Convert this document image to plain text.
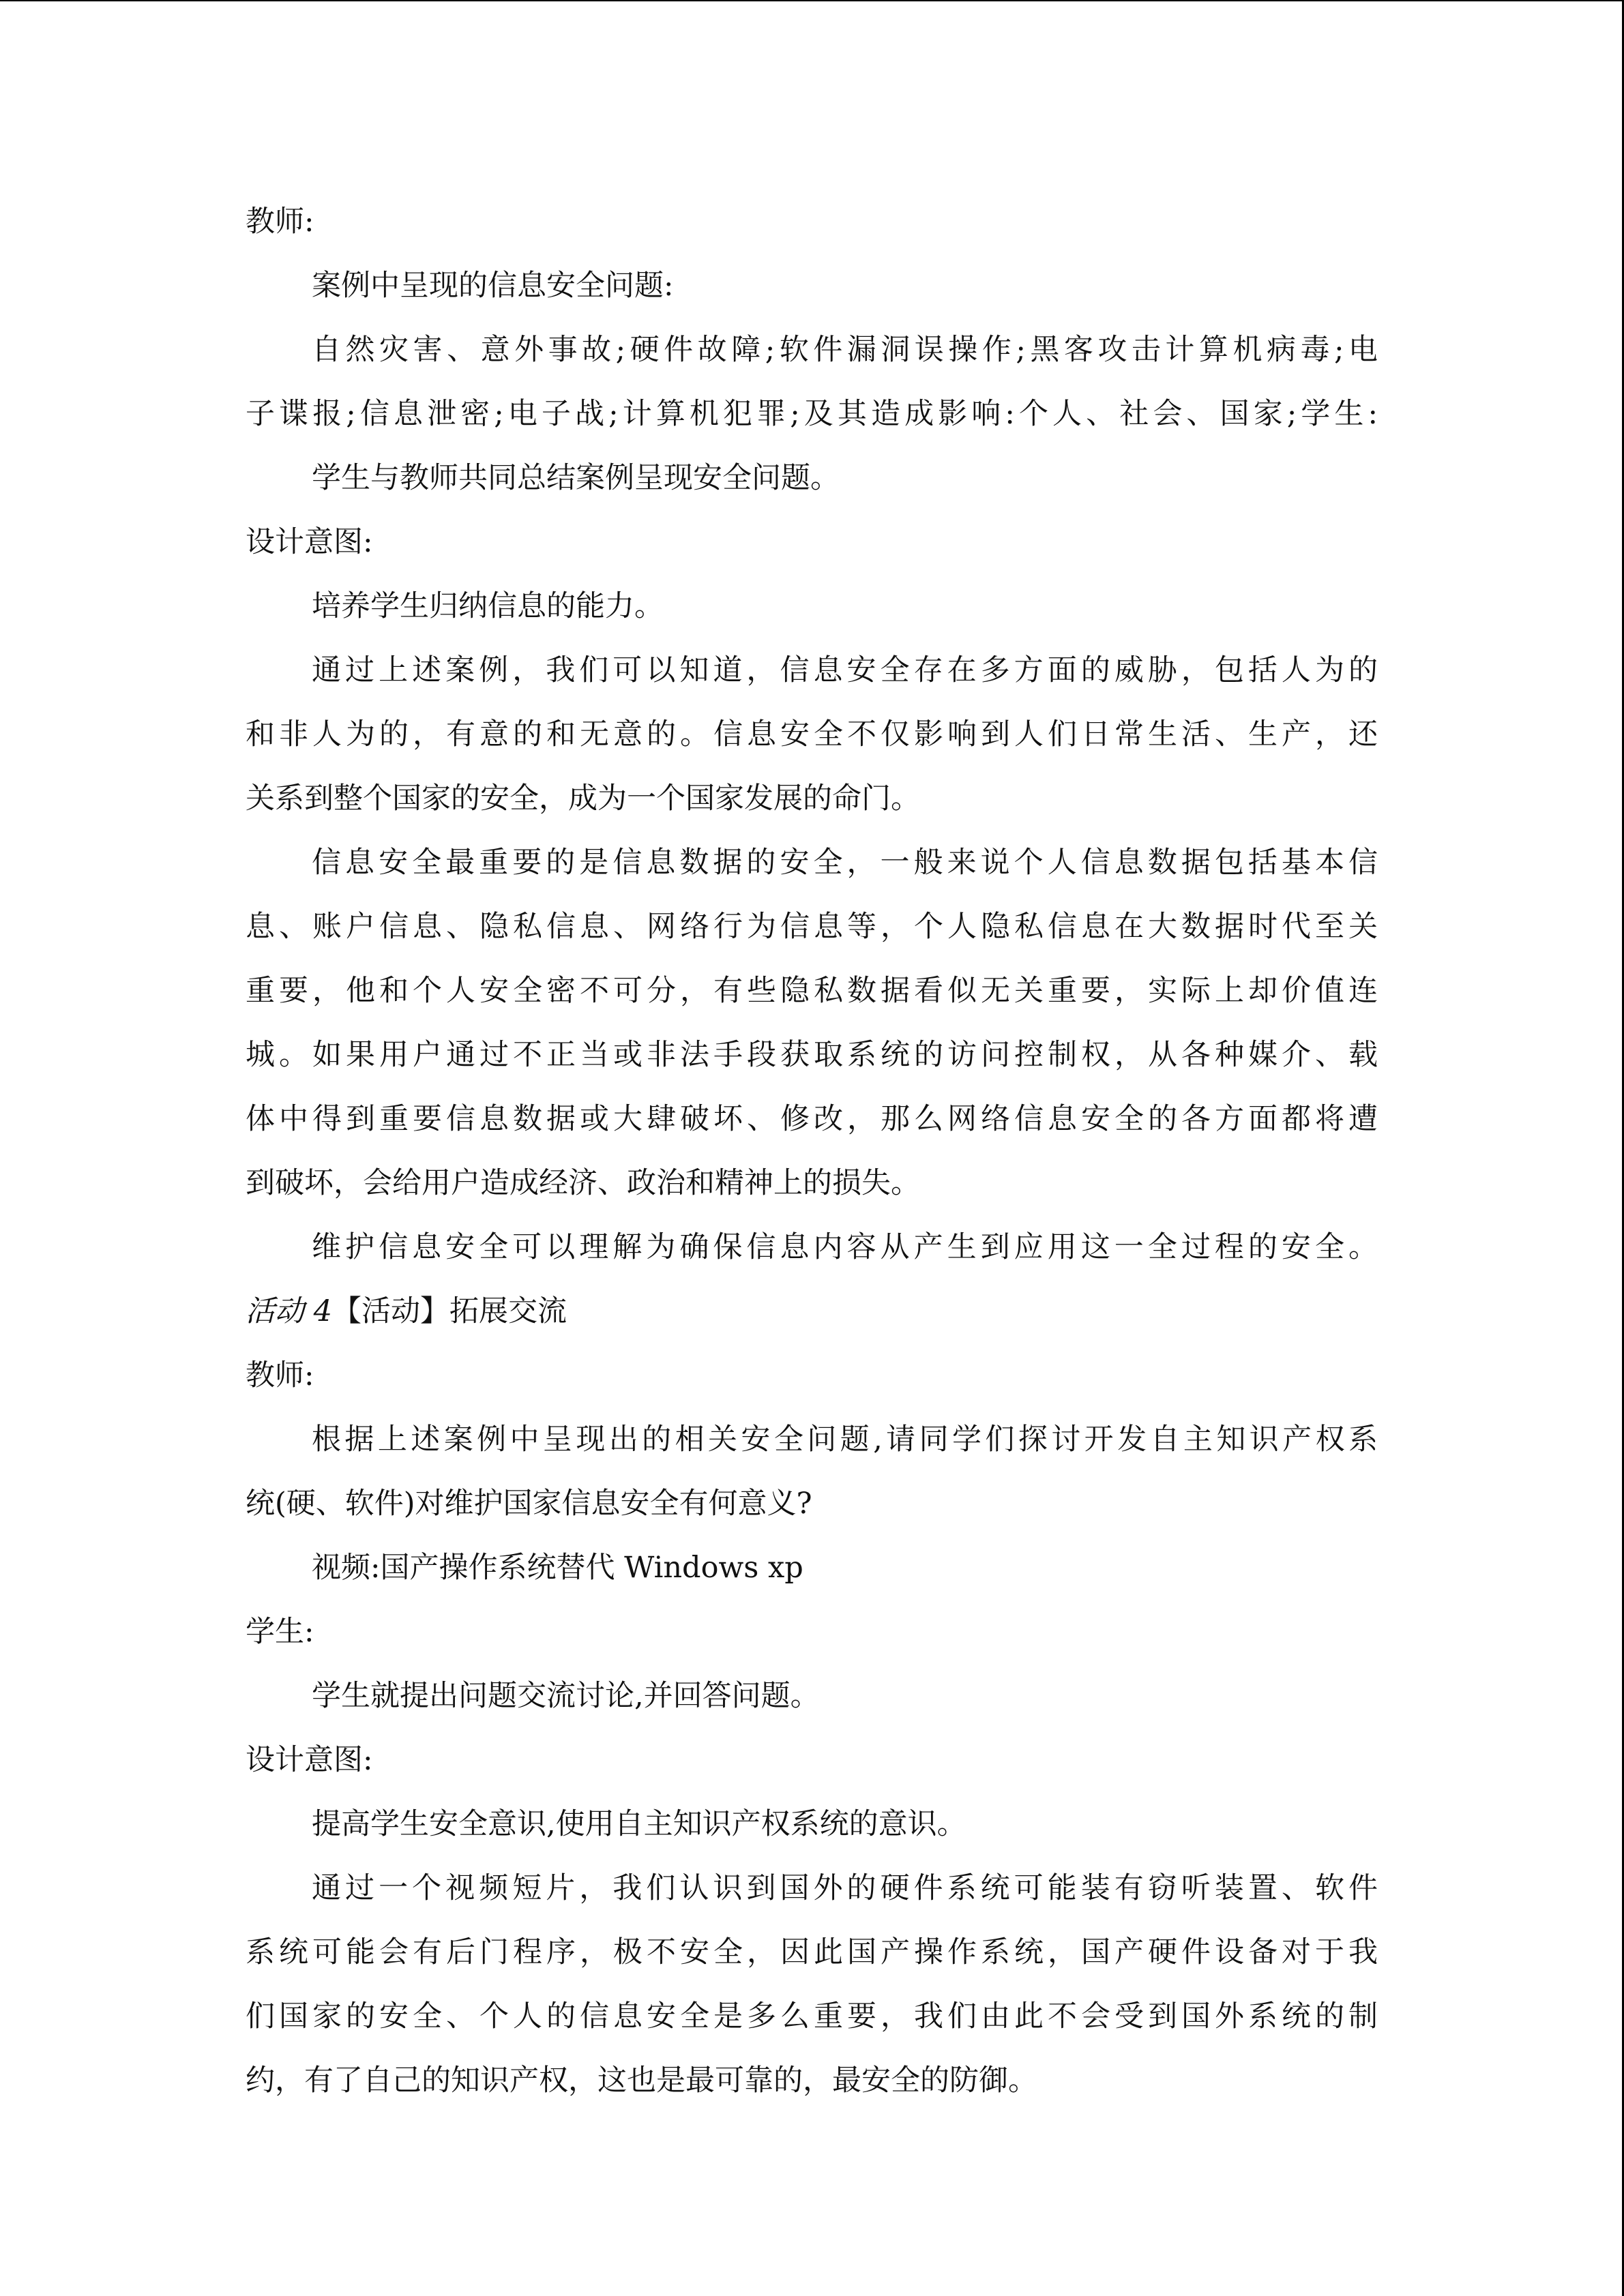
教师:

案例中呈现的信息安全问题:

自然灾害、意外事故;硬件故障;软件漏洞误操作;黑客攻击计算机病毒;电

子谍报;信息泄密;电子战;计算机犯罪;及其造成影响:个人、社会、国家;学生:

学生与教师共同总结案例呈现安全问题。

设计意图:

培养学生归纳信息的能力。

通过上述案例，我们可以知道，信息安全存在多方面的威胁，包括人为的

和非人为的，有意的和无意的。信息安全不仅影响到人们日常生活、生产，还

关系到整个国家的安全，成为一个国家发展的命门。

信息安全最重要的是信息数据的安全，一般来说个人信息数据包括基本信

息、账户信息、隐私信息、网络行为信息等，个人隐私信息在大数据时代至关

重要，他和个人安全密不可分，有些隐私数据看似无关重要，实际上却价值连

城。如果用户通过不正当或非法手段获取系统的访问控制权，从各种媒介、载

体中得到重要信息数据或大肆破坏、修改，那么网络信息安全的各方面都将遭

到破坏，会给用户造成经济、政治和精神上的损失。

维护信息安全可以理解为确保信息内容从产生到应用这一全过程的安全。

活动 4【活动】拓展交流

教师:

根据上述案例中呈现出的相关安全问题,请同学们探讨开发自主知识产权系

统(硬、软件)对维护国家信息安全有何意义?

视频:国产操作系统替代 Windows xp

学生:

学生就提出问题交流讨论,并回答问题。

设计意图:

提高学生安全意识,使用自主知识产权系统的意识。

通过一个视频短片，我们认识到国外的硬件系统可能装有窃听装置、软件

系统可能会有后门程序，极不安全，因此国产操作系统，国产硬件设备对于我

们国家的安全、个人的信息安全是多么重要，我们由此不会受到国外系统的制

约，有了自己的知识产权，这也是最可靠的，最安全的防御。
